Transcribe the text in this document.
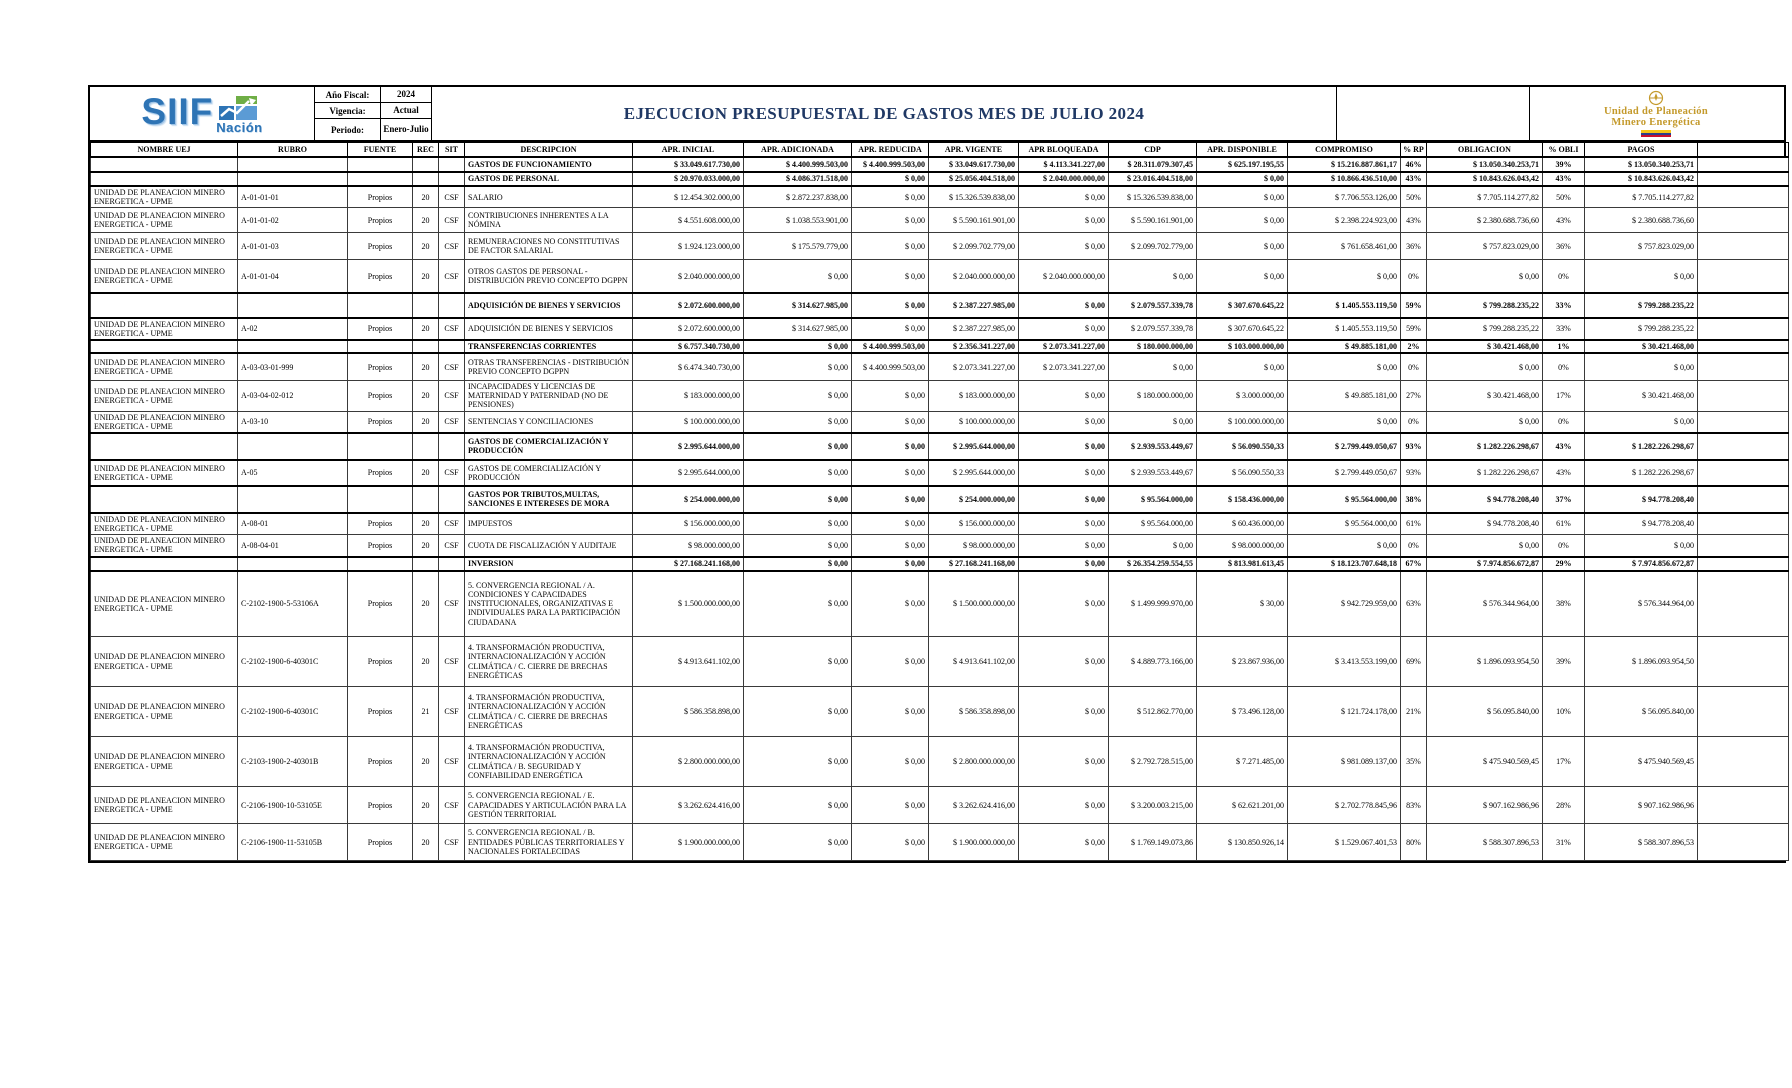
SIIF Nación
Año Fiscal:	2024
Vigencia:	Actual
Periodo:	Enero-Julio
EJECUCION PRESUPUESTAL DE GASTOS MES DE JULIO 2024	Unidad de Planeación
Minero Energética
NOMBRE UEJ	RUBRO	FUENTE	REC	SIT	DESCRIPCION	APR. INICIAL	APR. ADICIONADA	APR. REDUCIDA	APR. VIGENTE	APR BLOQUEADA	CDP	APR. DISPONIBLE	COMPROMISO	% RP	OBLIGACION	% OBLI	PAGOS	
					GASTOS DE FUNCIONAMIENTO	$ 33.049.617.730,00	$ 4.400.999.503,00	$ 4.400.999.503,00	$ 33.049.617.730,00	$ 4.113.341.227,00	$ 28.311.079.307,45	$ 625.197.195,55	$ 15.216.887.861,17	46%	$ 13.050.340.253,71	39%	$ 13.050.340.253,71	
					GASTOS DE PERSONAL	$ 20.970.033.000,00	$ 4.086.371.518,00	$ 0,00	$ 25.056.404.518,00	$ 2.040.000.000,00	$ 23.016.404.518,00	$ 0,00	$ 10.866.436.510,00	43%	$ 10.843.626.043,42	43%	$ 10.843.626.043,42	
UNIDAD DE PLANEACION MINERO ENERGETICA - UPME	A-01-01-01	Propios	20	CSF	SALARIO	$ 12.454.302.000,00	$ 2.872.237.838,00	$ 0,00	$ 15.326.539.838,00	$ 0,00	$ 15.326.539.838,00	$ 0,00	$ 7.706.553.126,00	50%	$ 7.705.114.277,82	50%	$ 7.705.114.277,82	
UNIDAD DE PLANEACION MINERO ENERGETICA - UPME	A-01-01-02	Propios	20	CSF	CONTRIBUCIONES INHERENTES A LA NÓMINA	$ 4.551.608.000,00	$ 1.038.553.901,00	$ 0,00	$ 5.590.161.901,00	$ 0,00	$ 5.590.161.901,00	$ 0,00	$ 2.398.224.923,00	43%	$ 2.380.688.736,60	43%	$ 2.380.688.736,60	
UNIDAD DE PLANEACION MINERO ENERGETICA - UPME	A-01-01-03	Propios	20	CSF	REMUNERACIONES NO CONSTITUTIVAS DE FACTOR SALARIAL	$ 1.924.123.000,00	$ 175.579.779,00	$ 0,00	$ 2.099.702.779,00	$ 0,00	$ 2.099.702.779,00	$ 0,00	$ 761.658.461,00	36%	$ 757.823.029,00	36%	$ 757.823.029,00	
UNIDAD DE PLANEACION MINERO ENERGETICA - UPME	A-01-01-04	Propios	20	CSF	OTROS GASTOS DE PERSONAL - DISTRIBUCIÓN PREVIO CONCEPTO DGPPN	$ 2.040.000.000,00	$ 0,00	$ 0,00	$ 2.040.000.000,00	$ 2.040.000.000,00	$ 0,00	$ 0,00	$ 0,00	0%	$ 0,00	0%	$ 0,00	
					ADQUISICIÓN DE BIENES Y SERVICIOS	$ 2.072.600.000,00	$ 314.627.985,00	$ 0,00	$ 2.387.227.985,00	$ 0,00	$ 2.079.557.339,78	$ 307.670.645,22	$ 1.405.553.119,50	59%	$ 799.288.235,22	33%	$ 799.288.235,22	
UNIDAD DE PLANEACION MINERO ENERGETICA - UPME	A-02	Propios	20	CSF	ADQUISICIÓN DE BIENES Y SERVICIOS	$ 2.072.600.000,00	$ 314.627.985,00	$ 0,00	$ 2.387.227.985,00	$ 0,00	$ 2.079.557.339,78	$ 307.670.645,22	$ 1.405.553.119,50	59%	$ 799.288.235,22	33%	$ 799.288.235,22	
					TRANSFERENCIAS CORRIENTES	$ 6.757.340.730,00	$ 0,00	$ 4.400.999.503,00	$ 2.356.341.227,00	$ 2.073.341.227,00	$ 180.000.000,00	$ 103.000.000,00	$ 49.885.181,00	2%	$ 30.421.468,00	1%	$ 30.421.468,00	
UNIDAD DE PLANEACION MINERO ENERGETICA - UPME	A-03-03-01-999	Propios	20	CSF	OTRAS TRANSFERENCIAS - DISTRIBUCIÓN PREVIO CONCEPTO DGPPN	$ 6.474.340.730,00	$ 0,00	$ 4.400.999.503,00	$ 2.073.341.227,00	$ 2.073.341.227,00	$ 0,00	$ 0,00	$ 0,00	0%	$ 0,00	0%	$ 0,00	
UNIDAD DE PLANEACION MINERO ENERGETICA - UPME	A-03-04-02-012	Propios	20	CSF	INCAPACIDADES Y LICENCIAS DE MATERNIDAD Y PATERNIDAD (NO DE PENSIONES)	$ 183.000.000,00	$ 0,00	$ 0,00	$ 183.000.000,00	$ 0,00	$ 180.000.000,00	$ 3.000.000,00	$ 49.885.181,00	27%	$ 30.421.468,00	17%	$ 30.421.468,00	
UNIDAD DE PLANEACION MINERO ENERGETICA - UPME	A-03-10	Propios	20	CSF	SENTENCIAS Y CONCILIACIONES	$ 100.000.000,00	$ 0,00	$ 0,00	$ 100.000.000,00	$ 0,00	$ 0,00	$ 100.000.000,00	$ 0,00	0%	$ 0,00	0%	$ 0,00	
					GASTOS DE COMERCIALIZACIÓN Y PRODUCCIÓN	$ 2.995.644.000,00	$ 0,00	$ 0,00	$ 2.995.644.000,00	$ 0,00	$ 2.939.553.449,67	$ 56.090.550,33	$ 2.799.449.050,67	93%	$ 1.282.226.298,67	43%	$ 1.282.226.298,67	
UNIDAD DE PLANEACION MINERO ENERGETICA - UPME	A-05	Propios	20	CSF	GASTOS DE COMERCIALIZACIÓN Y PRODUCCIÓN	$ 2.995.644.000,00	$ 0,00	$ 0,00	$ 2.995.644.000,00	$ 0,00	$ 2.939.553.449,67	$ 56.090.550,33	$ 2.799.449.050,67	93%	$ 1.282.226.298,67	43%	$ 1.282.226.298,67	
					GASTOS POR TRIBUTOS,MULTAS, SANCIONES E INTERESES DE MORA	$ 254.000.000,00	$ 0,00	$ 0,00	$ 254.000.000,00	$ 0,00	$ 95.564.000,00	$ 158.436.000,00	$ 95.564.000,00	38%	$ 94.778.208,40	37%	$ 94.778.208,40	
UNIDAD DE PLANEACION MINERO ENERGETICA - UPME	A-08-01	Propios	20	CSF	IMPUESTOS	$ 156.000.000,00	$ 0,00	$ 0,00	$ 156.000.000,00	$ 0,00	$ 95.564.000,00	$ 60.436.000,00	$ 95.564.000,00	61%	$ 94.778.208,40	61%	$ 94.778.208,40	
UNIDAD DE PLANEACION MINERO ENERGETICA - UPME	A-08-04-01	Propios	20	CSF	CUOTA DE FISCALIZACIÓN Y AUDITAJE	$ 98.000.000,00	$ 0,00	$ 0,00	$ 98.000.000,00	$ 0,00	$ 0,00	$ 98.000.000,00	$ 0,00	0%	$ 0,00	0%	$ 0,00	
					INVERSION	$ 27.168.241.168,00	$ 0,00	$ 0,00	$ 27.168.241.168,00	$ 0,00	$ 26.354.259.554,55	$ 813.981.613,45	$ 18.123.707.648,18	67%	$ 7.974.856.672,87	29%	$ 7.974.856.672,87	
UNIDAD DE PLANEACION MINERO ENERGETICA - UPME	C-2102-1900-5-53106A	Propios	20	CSF	5. CONVERGENCIA REGIONAL / A. CONDICIONES Y CAPACIDADES INSTITUCIONALES, ORGANIZATIVAS E INDIVIDUALES PARA LA PARTICIPACIÓN CIUDADANA	$ 1.500.000.000,00	$ 0,00	$ 0,00	$ 1.500.000.000,00	$ 0,00	$ 1.499.999.970,00	$ 30,00	$ 942.729.959,00	63%	$ 576.344.964,00	38%	$ 576.344.964,00	
UNIDAD DE PLANEACION MINERO ENERGETICA - UPME	C-2102-1900-6-40301C	Propios	20	CSF	4. TRANSFORMACIÓN PRODUCTIVA, INTERNACIONALIZACIÓN Y ACCIÓN CLIMÁTICA / C. CIERRE DE BRECHAS ENERGÉTICAS	$ 4.913.641.102,00	$ 0,00	$ 0,00	$ 4.913.641.102,00	$ 0,00	$ 4.889.773.166,00	$ 23.867.936,00	$ 3.413.553.199,00	69%	$ 1.896.093.954,50	39%	$ 1.896.093.954,50	
UNIDAD DE PLANEACION MINERO ENERGETICA - UPME	C-2102-1900-6-40301C	Propios	21	CSF	4. TRANSFORMACIÓN PRODUCTIVA, INTERNACIONALIZACIÓN Y ACCIÓN CLIMÁTICA / C. CIERRE DE BRECHAS ENERGÉTICAS	$ 586.358.898,00	$ 0,00	$ 0,00	$ 586.358.898,00	$ 0,00	$ 512.862.770,00	$ 73.496.128,00	$ 121.724.178,00	21%	$ 56.095.840,00	10%	$ 56.095.840,00	
UNIDAD DE PLANEACION MINERO ENERGETICA - UPME	C-2103-1900-2-40301B	Propios	20	CSF	4. TRANSFORMACIÓN PRODUCTIVA, INTERNACIONALIZACIÓN Y ACCIÓN CLIMÁTICA / B. SEGURIDAD Y CONFIABILIDAD ENERGÉTICA	$ 2.800.000.000,00	$ 0,00	$ 0,00	$ 2.800.000.000,00	$ 0,00	$ 2.792.728.515,00	$ 7.271.485,00	$ 981.089.137,00	35%	$ 475.940.569,45	17%	$ 475.940.569,45	
UNIDAD DE PLANEACION MINERO ENERGETICA - UPME	C-2106-1900-10-53105E	Propios	20	CSF	5. CONVERGENCIA REGIONAL / E. CAPACIDADES Y ARTICULACIÓN PARA LA GESTIÓN TERRITORIAL	$ 3.262.624.416,00	$ 0,00	$ 0,00	$ 3.262.624.416,00	$ 0,00	$ 3.200.003.215,00	$ 62.621.201,00	$ 2.702.778.845,96	83%	$ 907.162.986,96	28%	$ 907.162.986,96	
UNIDAD DE PLANEACION MINERO ENERGETICA - UPME	C-2106-1900-11-53105B	Propios	20	CSF	5. CONVERGENCIA REGIONAL / B. ENTIDADES PÚBLICAS TERRITORIALES Y NACIONALES FORTALECIDAS	$ 1.900.000.000,00	$ 0,00	$ 0,00	$ 1.900.000.000,00	$ 0,00	$ 1.769.149.073,86	$ 130.850.926,14	$ 1.529.067.401,53	80%	$ 588.307.896,53	31%	$ 588.307.896,53	
